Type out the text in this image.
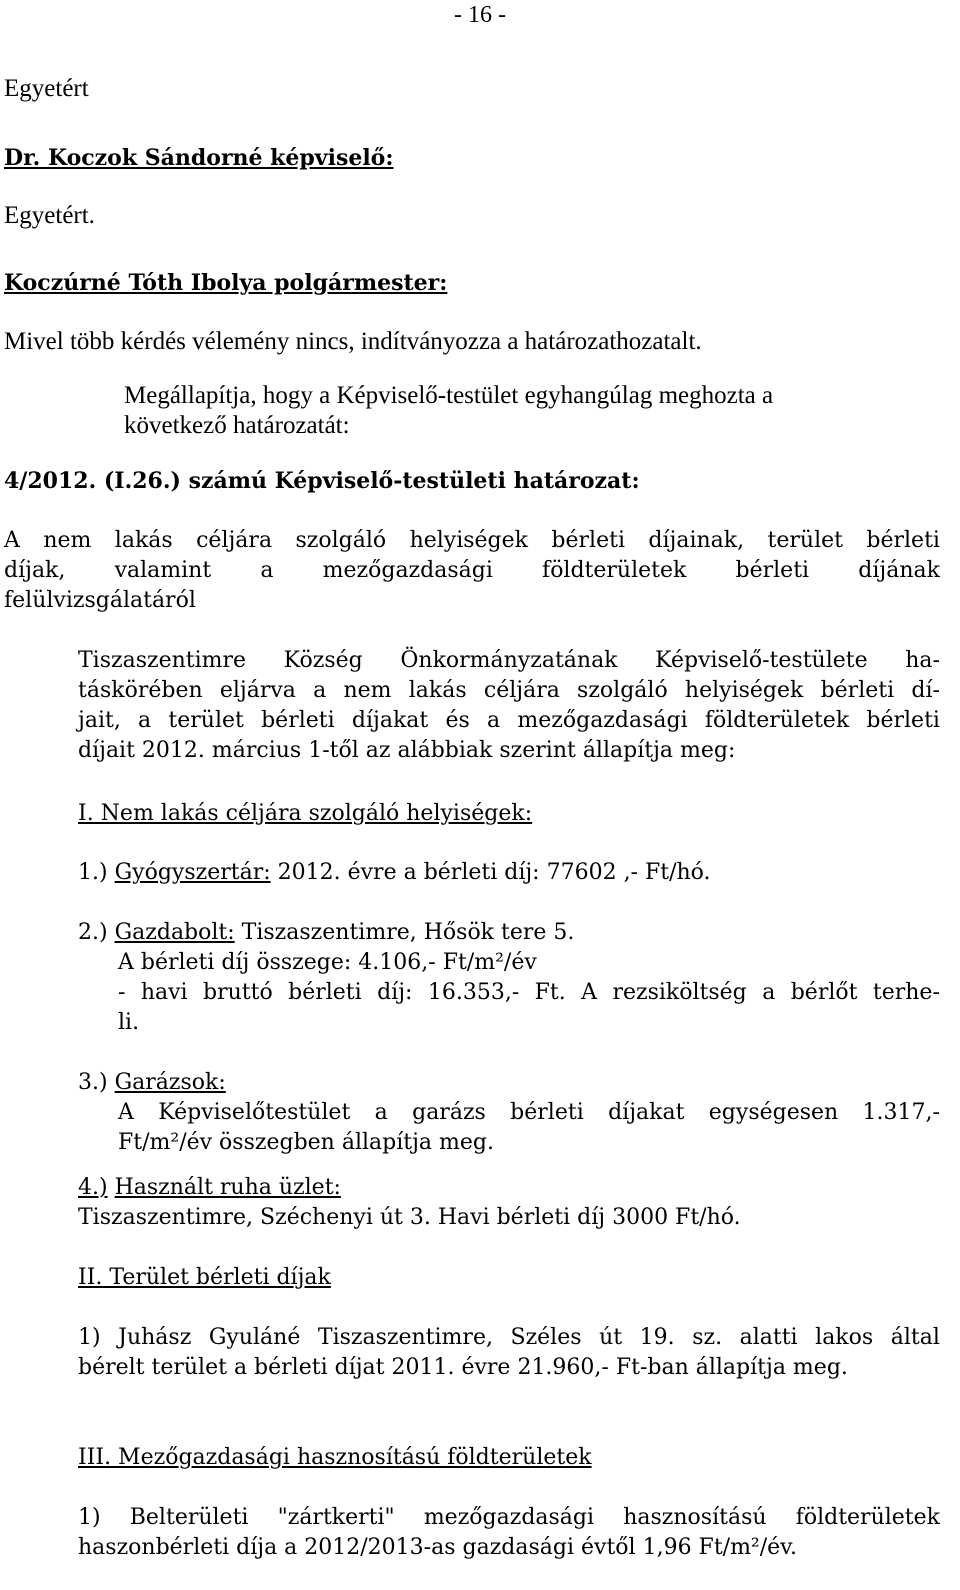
- 16 -
Egyetért
Dr. Koczok Sándorné képviselő:
Egyetért.
Koczúrné Tóth Ibolya polgármester:
Mivel több kérdés vélemény nincs, indítványozza a határozathozatalt.
Megállapítja, hogy a Képviselő-testület egyhangúlag meghozta a
következő határozatát:
4/2012. (I.26.) számú Képviselő-testületi határozat:
A nem lakás céljára szolgáló helyiségek bérleti díjainak, terület bérleti
díjak, valamint a mezőgazdasági földterületek bérleti díjának
felülvizsgálatáról
Tiszaszentimre Község Önkormányzatának Képviselő-testülete ha-
táskörében eljárva a nem lakás céljára szolgáló helyiségek bérleti dí-
jait, a terület bérleti díjakat és a mezőgazdasági földterületek bérleti
díjait 2012. március 1-től az alábbiak szerint állapítja meg:
I. Nem lakás céljára szolgáló helyiségek:
1.) Gyógyszertár: 2012. évre a bérleti díj: 77602 ,- Ft/hó.
2.) Gazdabolt: Tiszaszentimre, Hősök tere 5.
A bérleti díj összege: 4.106,- Ft/m²/év
- havi bruttó bérleti díj: 16.353,- Ft. A rezsiköltség a bérlőt terhe-
li.
3.) Garázsok:
A Képviselőtestület a garázs bérleti díjakat egységesen 1.317,-
Ft/m²/év összegben állapítja meg.
4.) Használt ruha üzlet:
Tiszaszentimre, Széchenyi út 3. Havi bérleti díj 3000 Ft/hó.
II. Terület bérleti díjak
1) Juhász Gyuláné Tiszaszentimre, Széles út 19. sz. alatti lakos által
bérelt terület a bérleti díjat 2011. évre 21.960,- Ft-ban állapítja meg.
III. Mezőgazdasági hasznosítású földterületek
1) Belterületi "zártkerti" mezőgazdasági hasznosítású földterületek
haszonbérleti díja a 2012/2013-as gazdasági évtől 1,96 Ft/m²/év.
